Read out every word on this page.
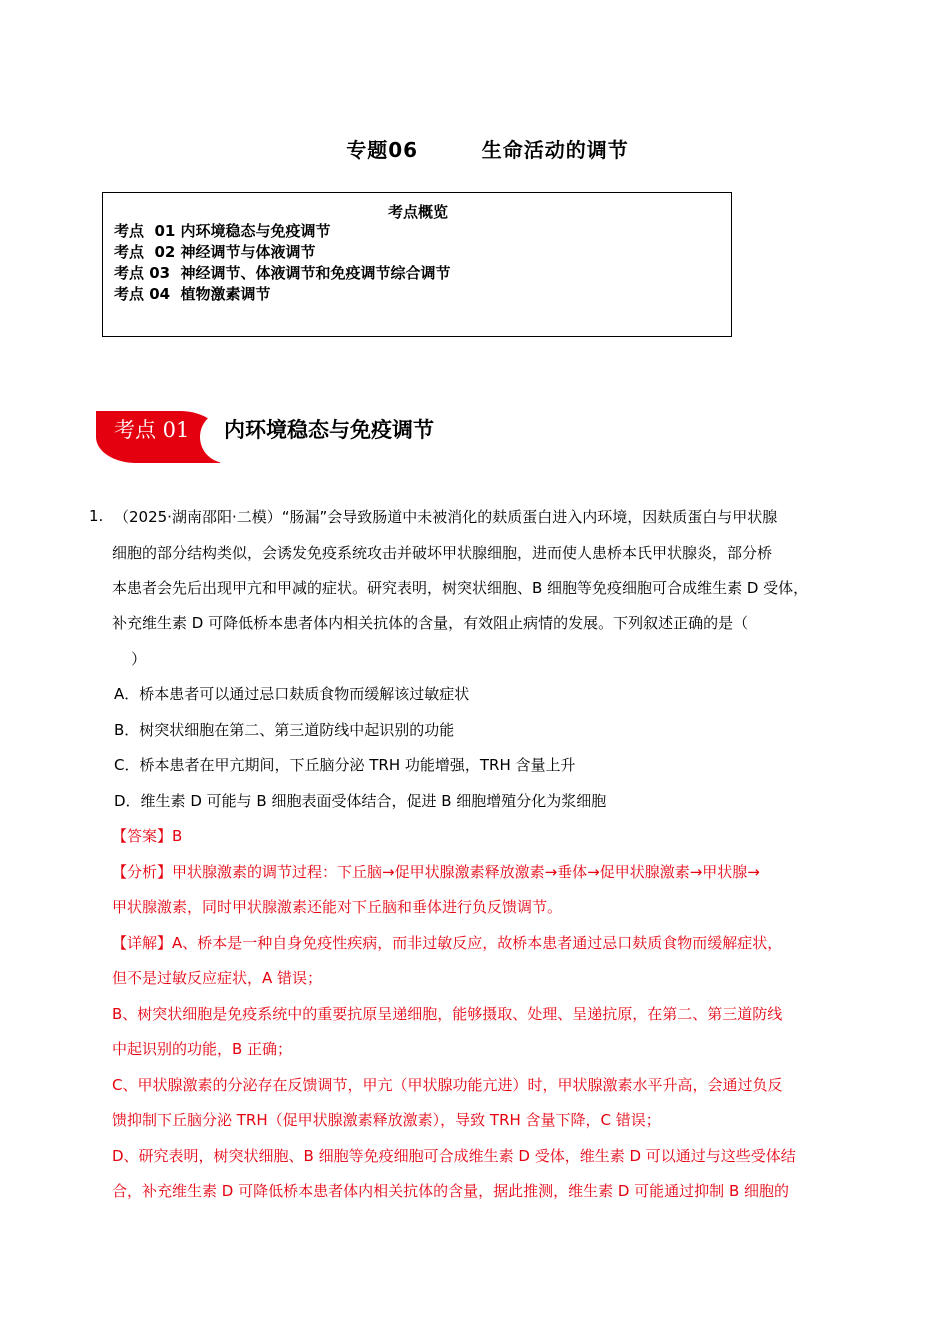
专题06        生命活动的调节
考点概览
考点  01 内环境稳态与免疫调节
考点  02 神经调节与体液调节
考点 03  神经调节、体液调节和免疫调节综合调节
考点 04  植物激素调节
考点 01 内环境稳态与免疫调节
1. （2025·湖南邵阳·二模）“肠漏”会导致肠道中未被消化的麸质蛋白进入内环境，因麸质蛋白与甲状腺
细胞的部分结构类似，会诱发免疫系统攻击并破坏甲状腺细胞，进而使人患桥本氏甲状腺炎，部分桥
本患者会先后出现甲亢和甲减的症状。研究表明，树突状细胞、B 细胞等免疫细胞可合成维生素 D 受体，
补充维生素 D 可降低桥本患者体内相关抗体的含量，有效阻止病情的发展。下列叙述正确的是（
）
A．桥本患者可以通过忌口麸质食物而缓解该过敏症状
B．树突状细胞在第二、第三道防线中起识别的功能
C．桥本患者在甲亢期间，下丘脑分泌 TRH 功能增强，TRH 含量上升
D．维生素 D 可能与 B 细胞表面受体结合，促进 B 细胞增殖分化为浆细胞
【答案】B
【分析】甲状腺激素的调节过程：下丘脑→促甲状腺激素释放激素→垂体→促甲状腺激素→甲状腺→
甲状腺激素，同时甲状腺激素还能对下丘脑和垂体进行负反馈调节。
【详解】A、桥本是一种自身免疫性疾病，而非过敏反应，故桥本患者通过忌口麸质食物而缓解症状，
但不是过敏反应症状，A 错误；
B、树突状细胞是免疫系统中的重要抗原呈递细胞，能够摄取、处理、呈递抗原，在第二、第三道防线
中起识别的功能，B 正确；
C、甲状腺激素的分泌存在反馈调节，甲亢（甲状腺功能亢进）时，甲状腺激素水平升高，会通过负反
馈抑制下丘脑分泌 TRH（促甲状腺激素释放激素），导致 TRH 含量下降，C 错误；
D、研究表明，树突状细胞、B 细胞等免疫细胞可合成维生素 D 受体，维生素 D 可以通过与这些受体结
合，补充维生素 D 可降低桥本患者体内相关抗体的含量，据此推测，维生素 D 可能通过抑制 B 细胞的
